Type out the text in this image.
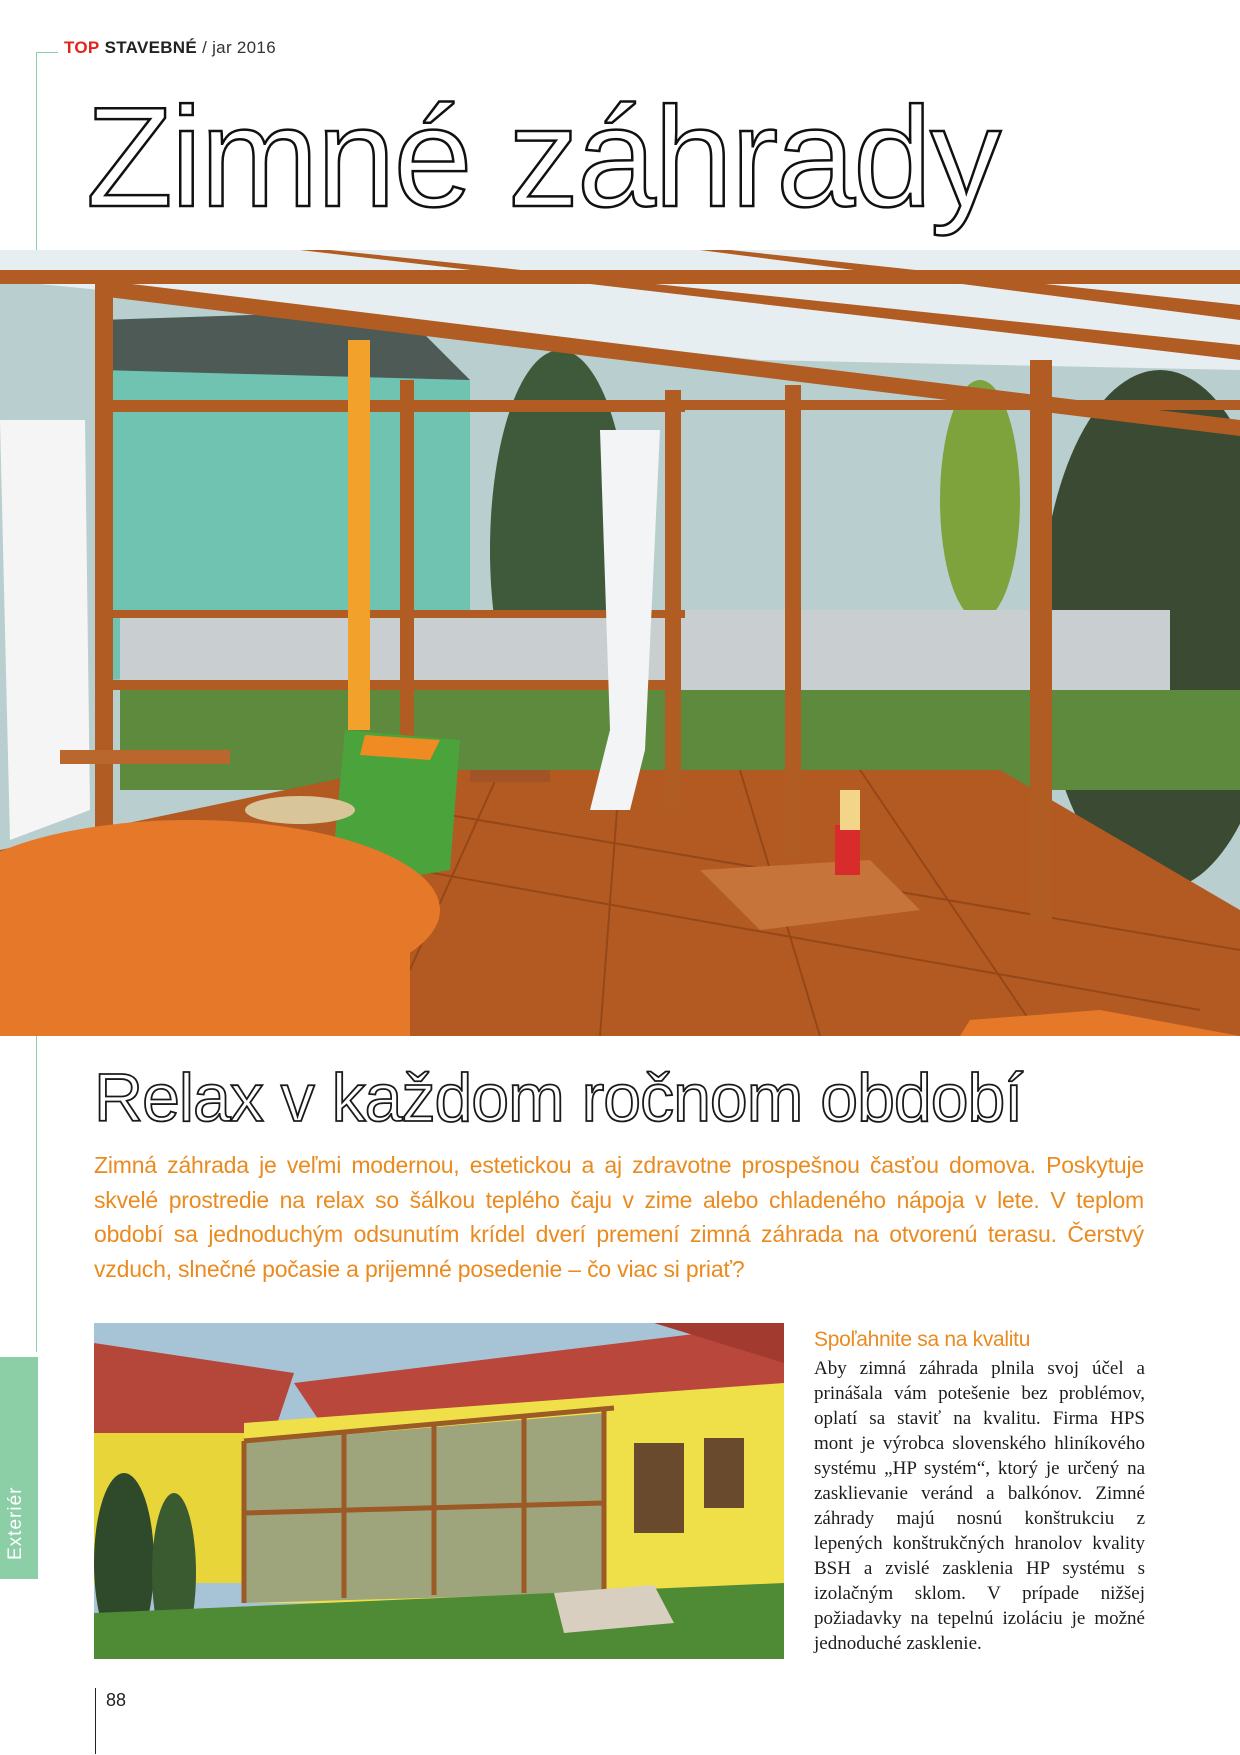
TOP STAVEBNÉ / jar 2016
Zimné záhrady
Relax v každom ročnom období

Zimná záhrada je veľmi modernou, estetickou a aj zdravotne prospešnou časťou domova. Poskytuje skvelé prostredie na relax so šálkou teplého čaju v zime alebo chladeného nápoja v lete. V teplom období sa jednoduchým odsunutím krídel dverí premení zimná záhrada na otvorenú terasu. Čerstvý vzduch, slnečné počasie a prijemné posedenie – čo viac si priať?

Spoľahnite sa na kvalitu

Aby zimná záhrada plnila svoj účel a prinášala vám potešenie bez problémov, oplatí sa staviť na kvalitu. Firma HPS mont je výrobca slovenského hliníkového systému „HP systém“, ktorý je určený na zasklievanie veránd a balkónov. Zimné záhrady majú nosnú konštrukciu z lepených konštrukčných hranolov kvality BSH a zvislé zasklenia HP systému s izolačným sklom. V prípade nižšej požiadavky na tepelnú izoláciu je možné jednoduché zasklenie.

Exteriér
88
